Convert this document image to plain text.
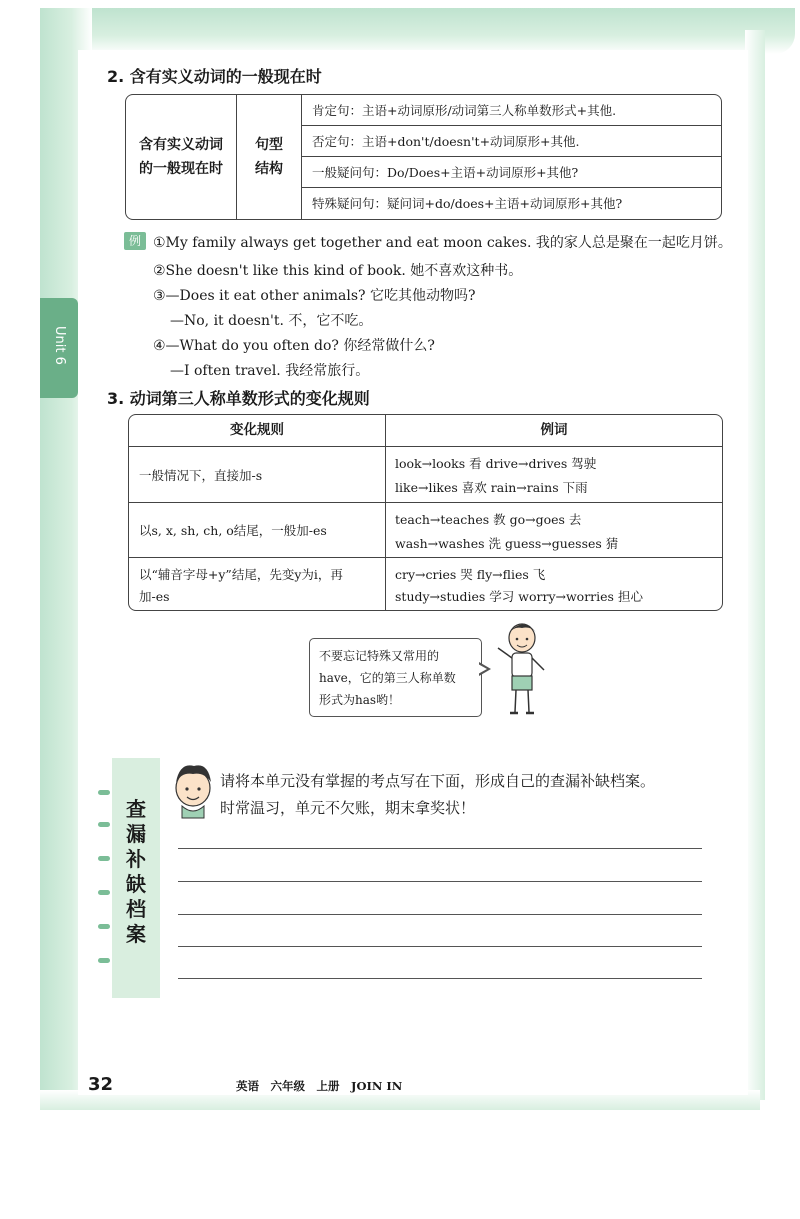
Unit 6
2. 含有实义动词的一般现在时
含有实义动词
的一般现在时
句型
结构
肯定句：主语+动词原形/动词第三人称单数形式+其他.
否定句：主语+don't/doesn't+动词原形+其他.
一般疑问句：Do/Does+主语+动词原形+其他?
特殊疑问句：疑问词+do/does+主语+动词原形+其他?
例 ①My family always get together and eat moon cakes. 我的家人总是聚在一起吃月饼。
②She doesn't like this kind of book. 她不喜欢这种书。
③—Does it eat other animals? 它吃其他动物吗?
—No, it doesn't. 不，它不吃。
④—What do you often do? 你经常做什么?
—I often travel. 我经常旅行。
3. 动词第三人称单数形式的变化规则
变化规则	例词
一般情况下，直接加-s
look→looks 看 drive→drives 驾驶
like→likes 喜欢 rain→rains 下雨
以s, x, sh, ch, o结尾，一般加-es
teach→teaches 教 go→goes 去
wash→washes 洗 guess→guesses 猜
以“辅音字母+y”结尾，先变y为i，再
加-es
cry→cries 哭 fly→flies 飞
study→studies 学习 worry→worries 担心
不要忘记特殊又常用的
have，它的第三人称单数
形式为has哟！
查
漏
补
缺
档
案
请将本单元没有掌握的考点写在下面，形成自己的查漏补缺档案。
时常温习，单元不欠账，期末拿奖状！
32	英语　六年级　上册　JOIN IN
